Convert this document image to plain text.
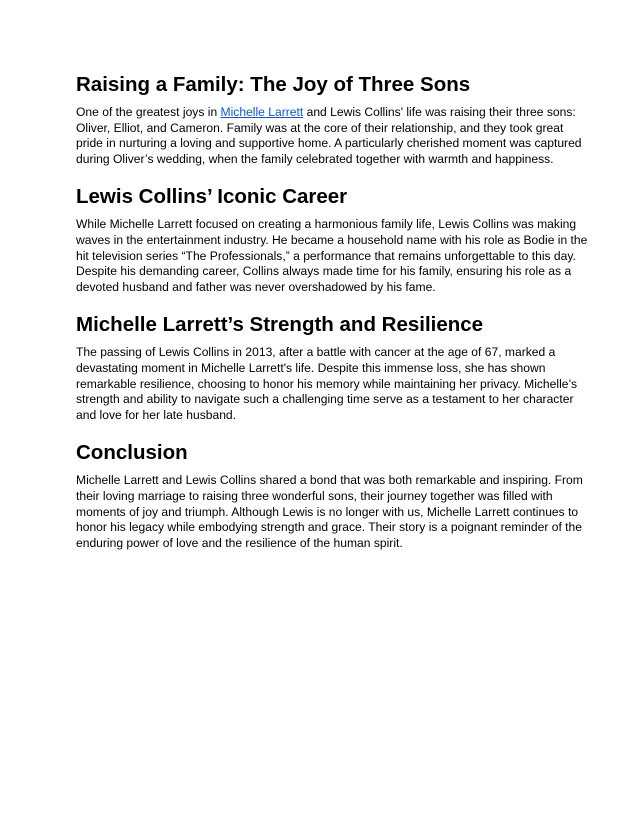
Raising a Family: The Joy of Three Sons

One of the greatest joys in Michelle Larrett and Lewis Collins' life was raising their three sons:
Oliver, Elliot, and Cameron. Family was at the core of their relationship, and they took great
pride in nurturing a loving and supportive home. A particularly cherished moment was captured
during Oliver’s wedding, when the family celebrated together with warmth and happiness.

Lewis Collins’ Iconic Career

While Michelle Larrett focused on creating a harmonious family life, Lewis Collins was making
waves in the entertainment industry. He became a household name with his role as Bodie in the
hit television series “The Professionals,” a performance that remains unforgettable to this day.
Despite his demanding career, Collins always made time for his family, ensuring his role as a
devoted husband and father was never overshadowed by his fame.

Michelle Larrett’s Strength and Resilience

The passing of Lewis Collins in 2013, after a battle with cancer at the age of 67, marked a
devastating moment in Michelle Larrett's life. Despite this immense loss, she has shown
remarkable resilience, choosing to honor his memory while maintaining her privacy. Michelle’s
strength and ability to navigate such a challenging time serve as a testament to her character
and love for her late husband.

Conclusion

Michelle Larrett and Lewis Collins shared a bond that was both remarkable and inspiring. From
their loving marriage to raising three wonderful sons, their journey together was filled with
moments of joy and triumph. Although Lewis is no longer with us, Michelle Larrett continues to
honor his legacy while embodying strength and grace. Their story is a poignant reminder of the
enduring power of love and the resilience of the human spirit.
